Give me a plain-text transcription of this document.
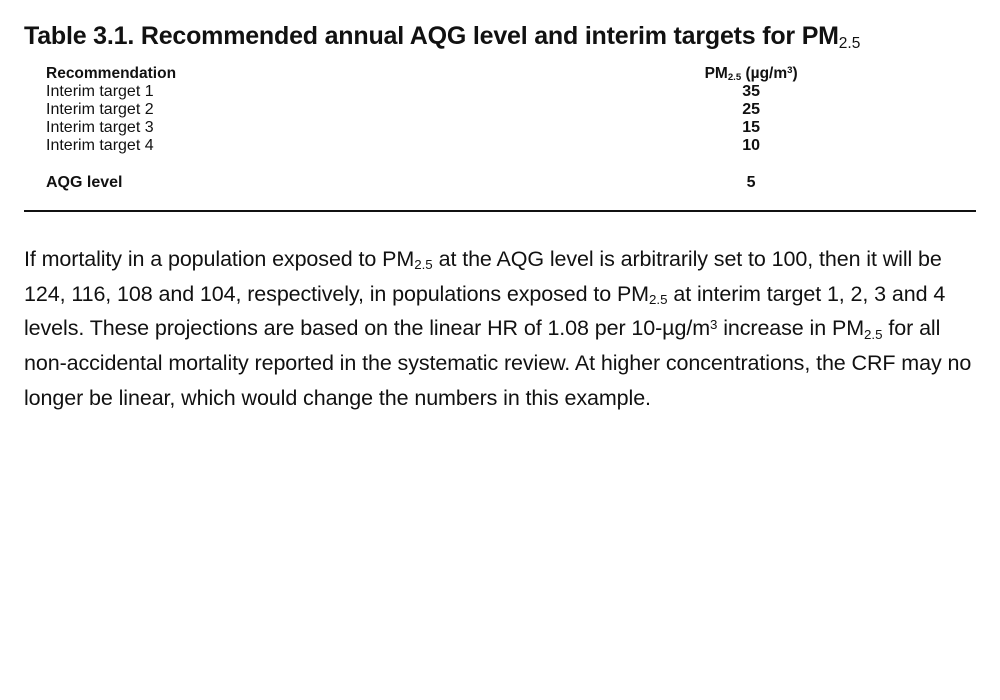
Table 3.1. Recommended annual AQG level and interim targets for $PM_{2.5}$
Recommendation	$PM_{2.5}$ $(\mu g/m^3)$
Interim target 1	35
Interim target 2	25
Interim target 3	15
Interim target 4	10
AQG level	5

If mortality in a population exposed to $PM_{2.5}$ at the AQG level is arbitrarily set to 100, then it will be 124, 116, 108 and 104, respectively, in populations exposed to $PM_{2.5}$ at interim target 1, 2, 3 and 4 levels. These projections are based on the linear HR of 1.08 per $10-\mu g/m^3$ increase in $PM_{2.5}$ for all non-accidental mortality reported in the systematic review. At higher concentrations, the CRF may no longer be linear, which would change the numbers in this example.
